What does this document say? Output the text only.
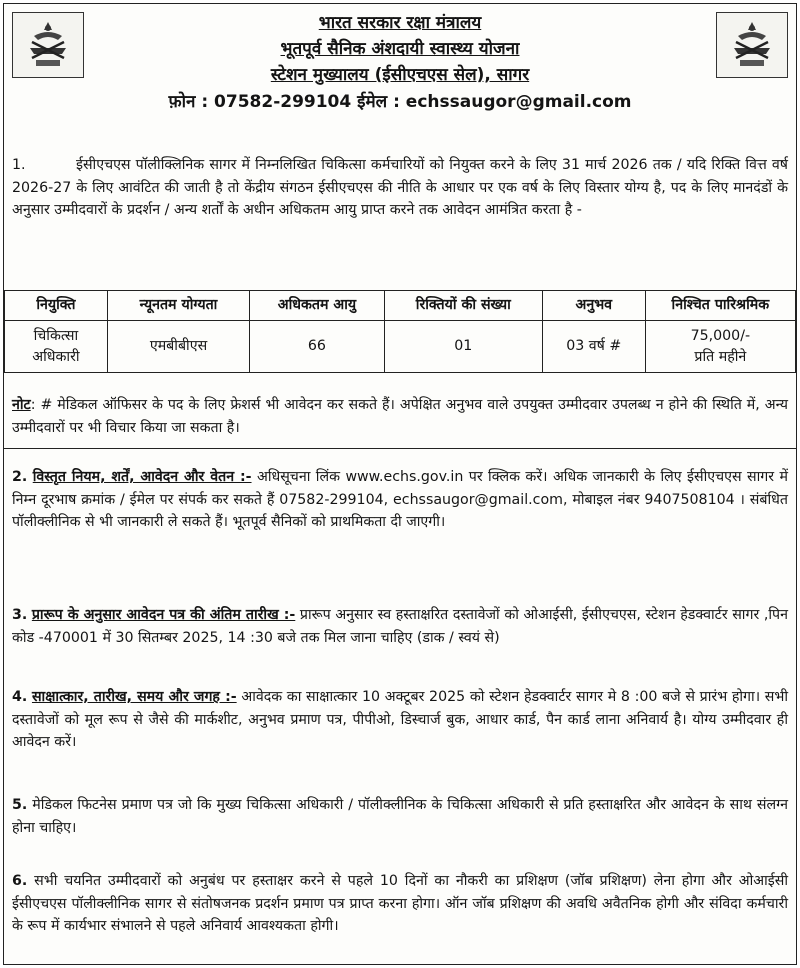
भारत सरकार रक्षा मंत्रालय
भूतपूर्व सैनिक अंशदायी स्वास्थ्य योजना
स्टेशन मुख्यालय (ईसीएचएस सेल), सागर
फ़ोन : 07582-299104 ईमेल : echssaugor@gmail.com
1.	ईसीएचएस पॉलीक्लिनिक सागर में निम्नलिखित चिकित्सा कर्मचारियों को नियुक्त करने के लिए 31 मार्च 2026 तक / यदि रिक्ति वित्त वर्ष 2026-27 के लिए आवंटित की जाती है तो केंद्रीय संगठन ईसीएचएस की नीति के आधार पर एक वर्ष के लिए विस्तार योग्य है, पद के लिए मानदंडों के अनुसार उम्मीदवारों के प्रदर्शन / अन्य शर्तों के अधीन अधिकतम आयु प्राप्त करने तक आवेदन आमंत्रित करता है -
नियुक्ति	न्यूनतम योग्यता	अधिकतम आयु	रिक्तियों की संख्या	अनुभव	निश्चित पारिश्रमिक
चिकित्सा अधिकारी	एमबीबीएस	66	01	03 वर्ष #	75,000/-
प्रति महीने
नोट: # मेडिकल ऑफिसर के पद के लिए फ्रेशर्स भी आवेदन कर सकते हैं। अपेक्षित अनुभव वाले उपयुक्त उम्मीदवार उपलब्ध न होने की स्थिति में, अन्य उम्मीदवारों पर भी विचार किया जा सकता है।
2. विस्तृत नियम, शर्तें, आवेदन और वेतन :- अधिसूचना लिंक www.echs.gov.in पर क्लिक करें। अधिक जानकारी के लिए ईसीएचएस सागर में निम्न दूरभाष क्रमांक / ईमेल पर संपर्क कर सकते हैं 07582-299104, echssaugor@gmail.com, मोबाइल नंबर 9407508104 । संबंधित पॉलीक्लीनिक से भी जानकारी ले सकते हैं। भूतपूर्व सैनिकों को प्राथमिकता दी जाएगी।
3. प्रारूप के अनुसार आवेदन पत्र की अंतिम तारीख :- प्रारूप अनुसार स्व हस्ताक्षरित दस्तावेजों को ओआईसी, ईसीएचएस, स्टेशन हेडक्वार्टर सागर ,पिन कोड -470001 में 30 सितम्बर 2025, 14 :30 बजे तक मिल जाना चाहिए (डाक / स्वयं से)
4. साक्षात्कार, तारीख, समय और जगह :- आवेदक का साक्षात्कार 10 अक्टूबर 2025 को स्टेशन हेडक्वार्टर सागर मे 8 :00 बजे से प्रारंभ होगा। सभी दस्तावेजों को मूल रूप से जैसे की मार्कशीट, अनुभव प्रमाण पत्र, पीपीओ, डिस्चार्ज बुक, आधार कार्ड, पैन कार्ड लाना अनिवार्य है। योग्य उम्मीदवार ही आवेदन करें।
5. मेडिकल फिटनेस प्रमाण पत्र जो कि मुख्य चिकित्सा अधिकारी / पॉलीक्लीनिक के चिकित्सा अधिकारी से प्रति हस्ताक्षरित और आवेदन के साथ संलग्न होना चाहिए।
6. सभी चयनित उम्मीदवारों को अनुबंध पर हस्ताक्षर करने से पहले 10 दिनों का नौकरी का प्रशिक्षण (जॉब प्रशिक्षण) लेना होगा और ओआईसी ईसीएचएस पॉलीक्लीनिक सागर से संतोषजनक प्रदर्शन प्रमाण पत्र प्राप्त करना होगा। ऑन जॉब प्रशिक्षण की अवधि अवैतनिक होगी और संविदा कर्मचारी के रूप में कार्यभार संभालने से पहले अनिवार्य आवश्यकता होगी।
